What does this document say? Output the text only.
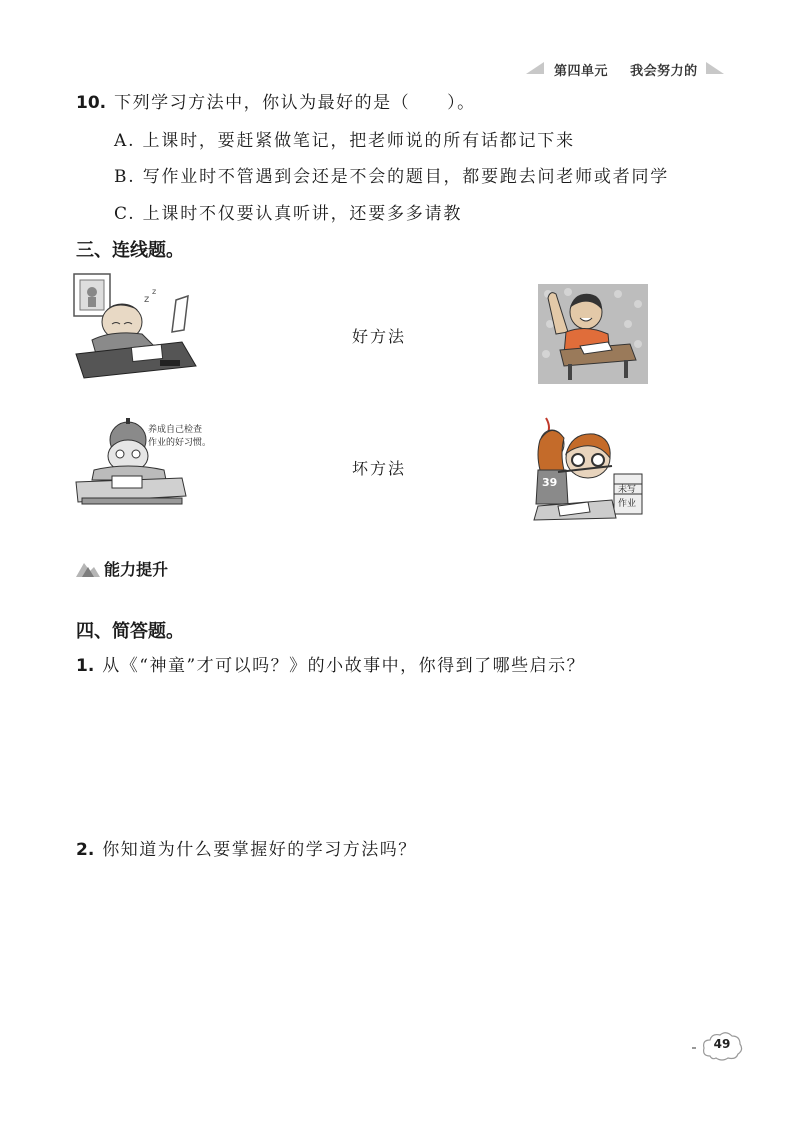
第四单元 我会努力的
10. 下列学习方法中，你认为最好的是（　　）。
A. 上课时，要赶紧做笔记，把老师说的所有话都记下来
B. 写作业时不管遇到会还是不会的题目，都要跑去问老师或者同学
C. 上课时不仅要认真听讲，还要多多请教
三、连线题。
z
z
好方法
坏方法
养成自己检查
作业的好习惯。
39
未写
作业
能力提升
四、简答题。
1. 从《“神童”才可以吗？》的小故事中，你得到了哪些启示？
2. 你知道为什么要掌握好的学习方法吗？
49
